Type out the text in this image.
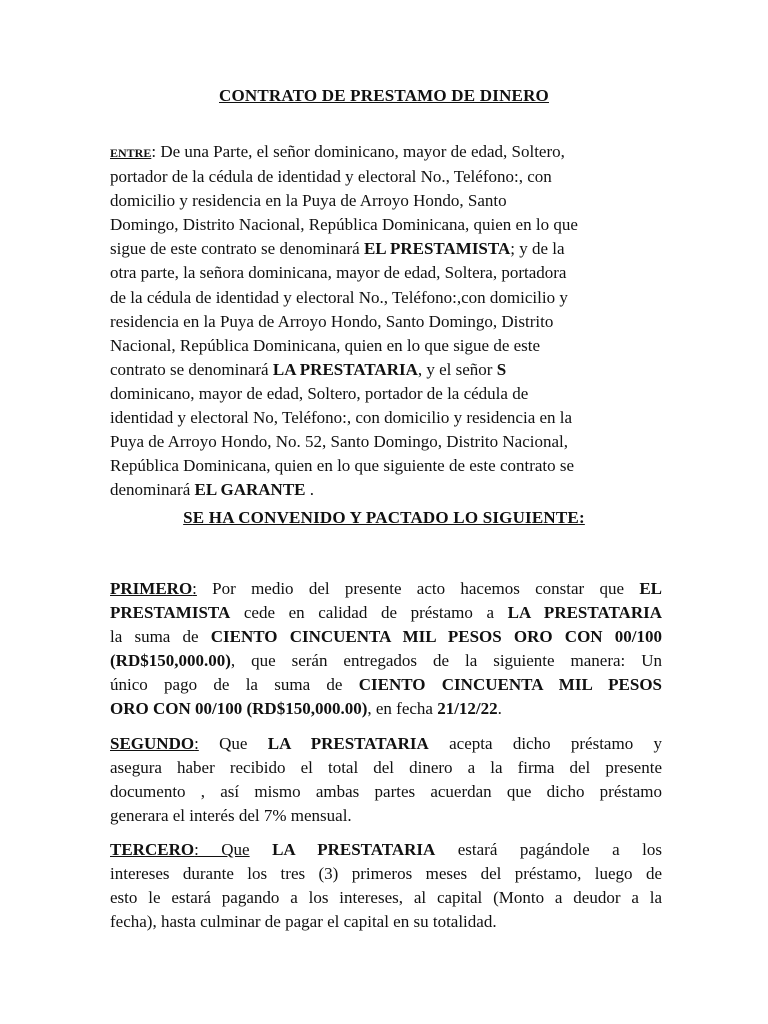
CONTRATO DE PRESTAMO DE DINERO
ENTRE: De una Parte, el señor dominicano, mayor de edad, Soltero,
portador de la cédula de identidad y electoral No., Teléfono:, con
domicilio y residencia en la Puya de Arroyo Hondo, Santo
Domingo, Distrito Nacional, República Dominicana, quien en lo que
sigue de este contrato se denominará EL PRESTAMISTA; y de la
otra parte, la señora dominicana, mayor de edad, Soltera, portadora
de la cédula de identidad y electoral No., Teléfono:,con domicilio y
residencia en la Puya de Arroyo Hondo, Santo Domingo, Distrito
Nacional, República Dominicana, quien en lo que sigue de este
contrato se denominará LA PRESTATARIA, y el señor S
dominicano, mayor de edad, Soltero, portador de la cédula de
identidad y electoral No, Teléfono:, con domicilio y residencia en la
Puya de Arroyo Hondo, No. 52, Santo Domingo, Distrito Nacional,
República Dominicana, quien en lo que siguiente de este contrato se
denominará EL GARANTE .
SE HA CONVENIDO Y PACTADO LO SIGUIENTE:
PRIMERO: Por medio del presente acto hacemos constar que EL
PRESTAMISTA cede en calidad de préstamo a LA PRESTATARIA
la suma de CIENTO CINCUENTA MIL PESOS ORO CON 00/100
(RD$150,000.00), que serán entregados de la siguiente manera: Un
único pago de la suma de CIENTO CINCUENTA MIL PESOS
ORO CON 00/100 (RD$150,000.00), en fecha 21/12/22.
SEGUNDO: Que LA PRESTATARIA acepta dicho préstamo y
asegura haber recibido el total del dinero a la firma del presente
documento , así mismo ambas partes acuerdan que dicho préstamo
generara el interés del 7% mensual.
TERCERO: Que LA PRESTATARIA estará pagándole a los
intereses durante los tres (3) primeros meses del préstamo, luego de
esto le estará pagando a los intereses, al capital (Monto a deudor a la
fecha), hasta culminar de pagar el capital en su totalidad.
